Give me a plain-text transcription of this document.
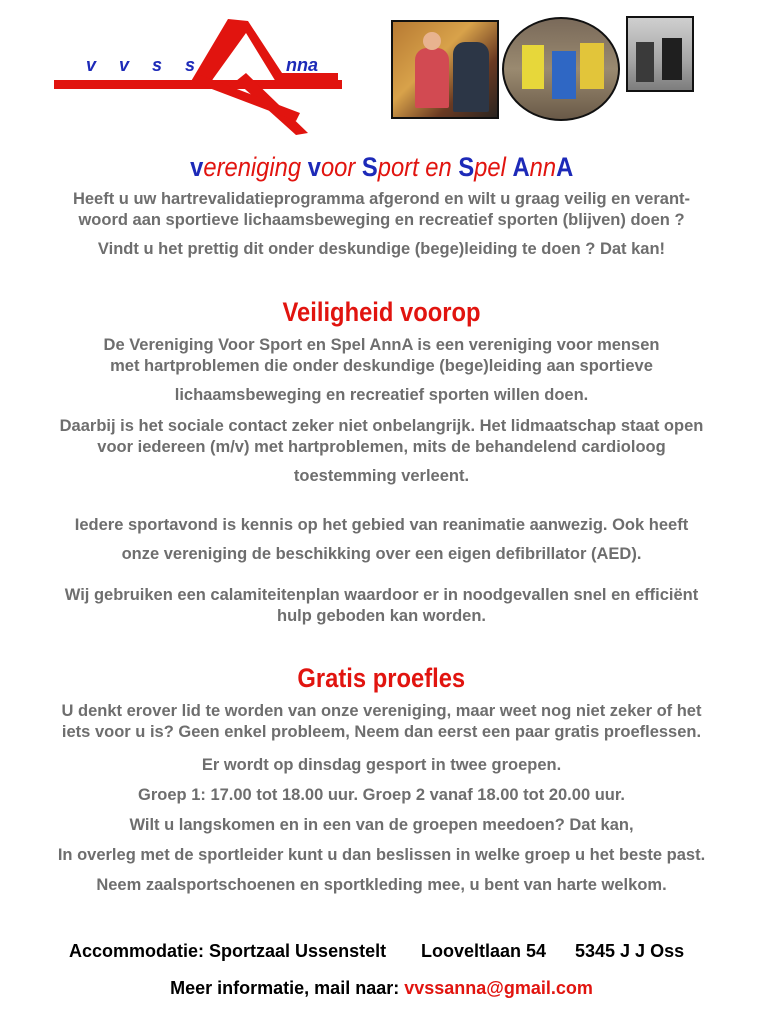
v v s s	nna
vereniging voor Sport en Spel AnnA
Heeft u uw hartrevalidatieprogramma afgerond en wilt u graag veilig en verant-
woord aan sportieve lichaamsbeweging en recreatief sporten (blijven) doen ?
Vindt u het prettig dit onder deskundige (bege)leiding te doen ? Dat kan!
Veiligheid voorop
De Vereniging Voor Sport en Spel AnnA is een vereniging voor mensen
met hartproblemen die onder deskundige (bege)leiding aan sportieve
lichaamsbeweging en recreatief sporten willen doen.
Daarbij is het sociale contact zeker niet onbelangrijk. Het lidmaatschap staat open
voor iedereen (m/v) met hartproblemen, mits de behandelend cardioloog
toestemming verleent.
Iedere sportavond is kennis op het gebied van reanimatie aanwezig. Ook heeft
onze vereniging de beschikking over een eigen defibrillator (AED).
Wij gebruiken een calamiteitenplan waardoor er in noodgevallen snel en efficiënt
hulp geboden kan worden.
Gratis proefles
U denkt erover lid te worden van onze vereniging, maar weet nog niet zeker of het
iets voor u is? Geen enkel probleem, Neem dan eerst een paar gratis proeflessen.
Er wordt op dinsdag gesport in twee groepen.
Groep 1: 17.00 tot 18.00 uur. Groep 2 vanaf 18.00 tot 20.00 uur.
Wilt u langskomen en in een van de groepen meedoen? Dat kan,
In overleg met de sportleider kunt u dan beslissen in welke groep u het beste past.
Neem zaalsportschoenen en sportkleding mee, u bent van harte welkom.
Accommodatie: Sportzaal Ussenstelt Looveltlaan 54 5345 J J Oss
Meer informatie, mail naar: vvssanna@gmail.com
